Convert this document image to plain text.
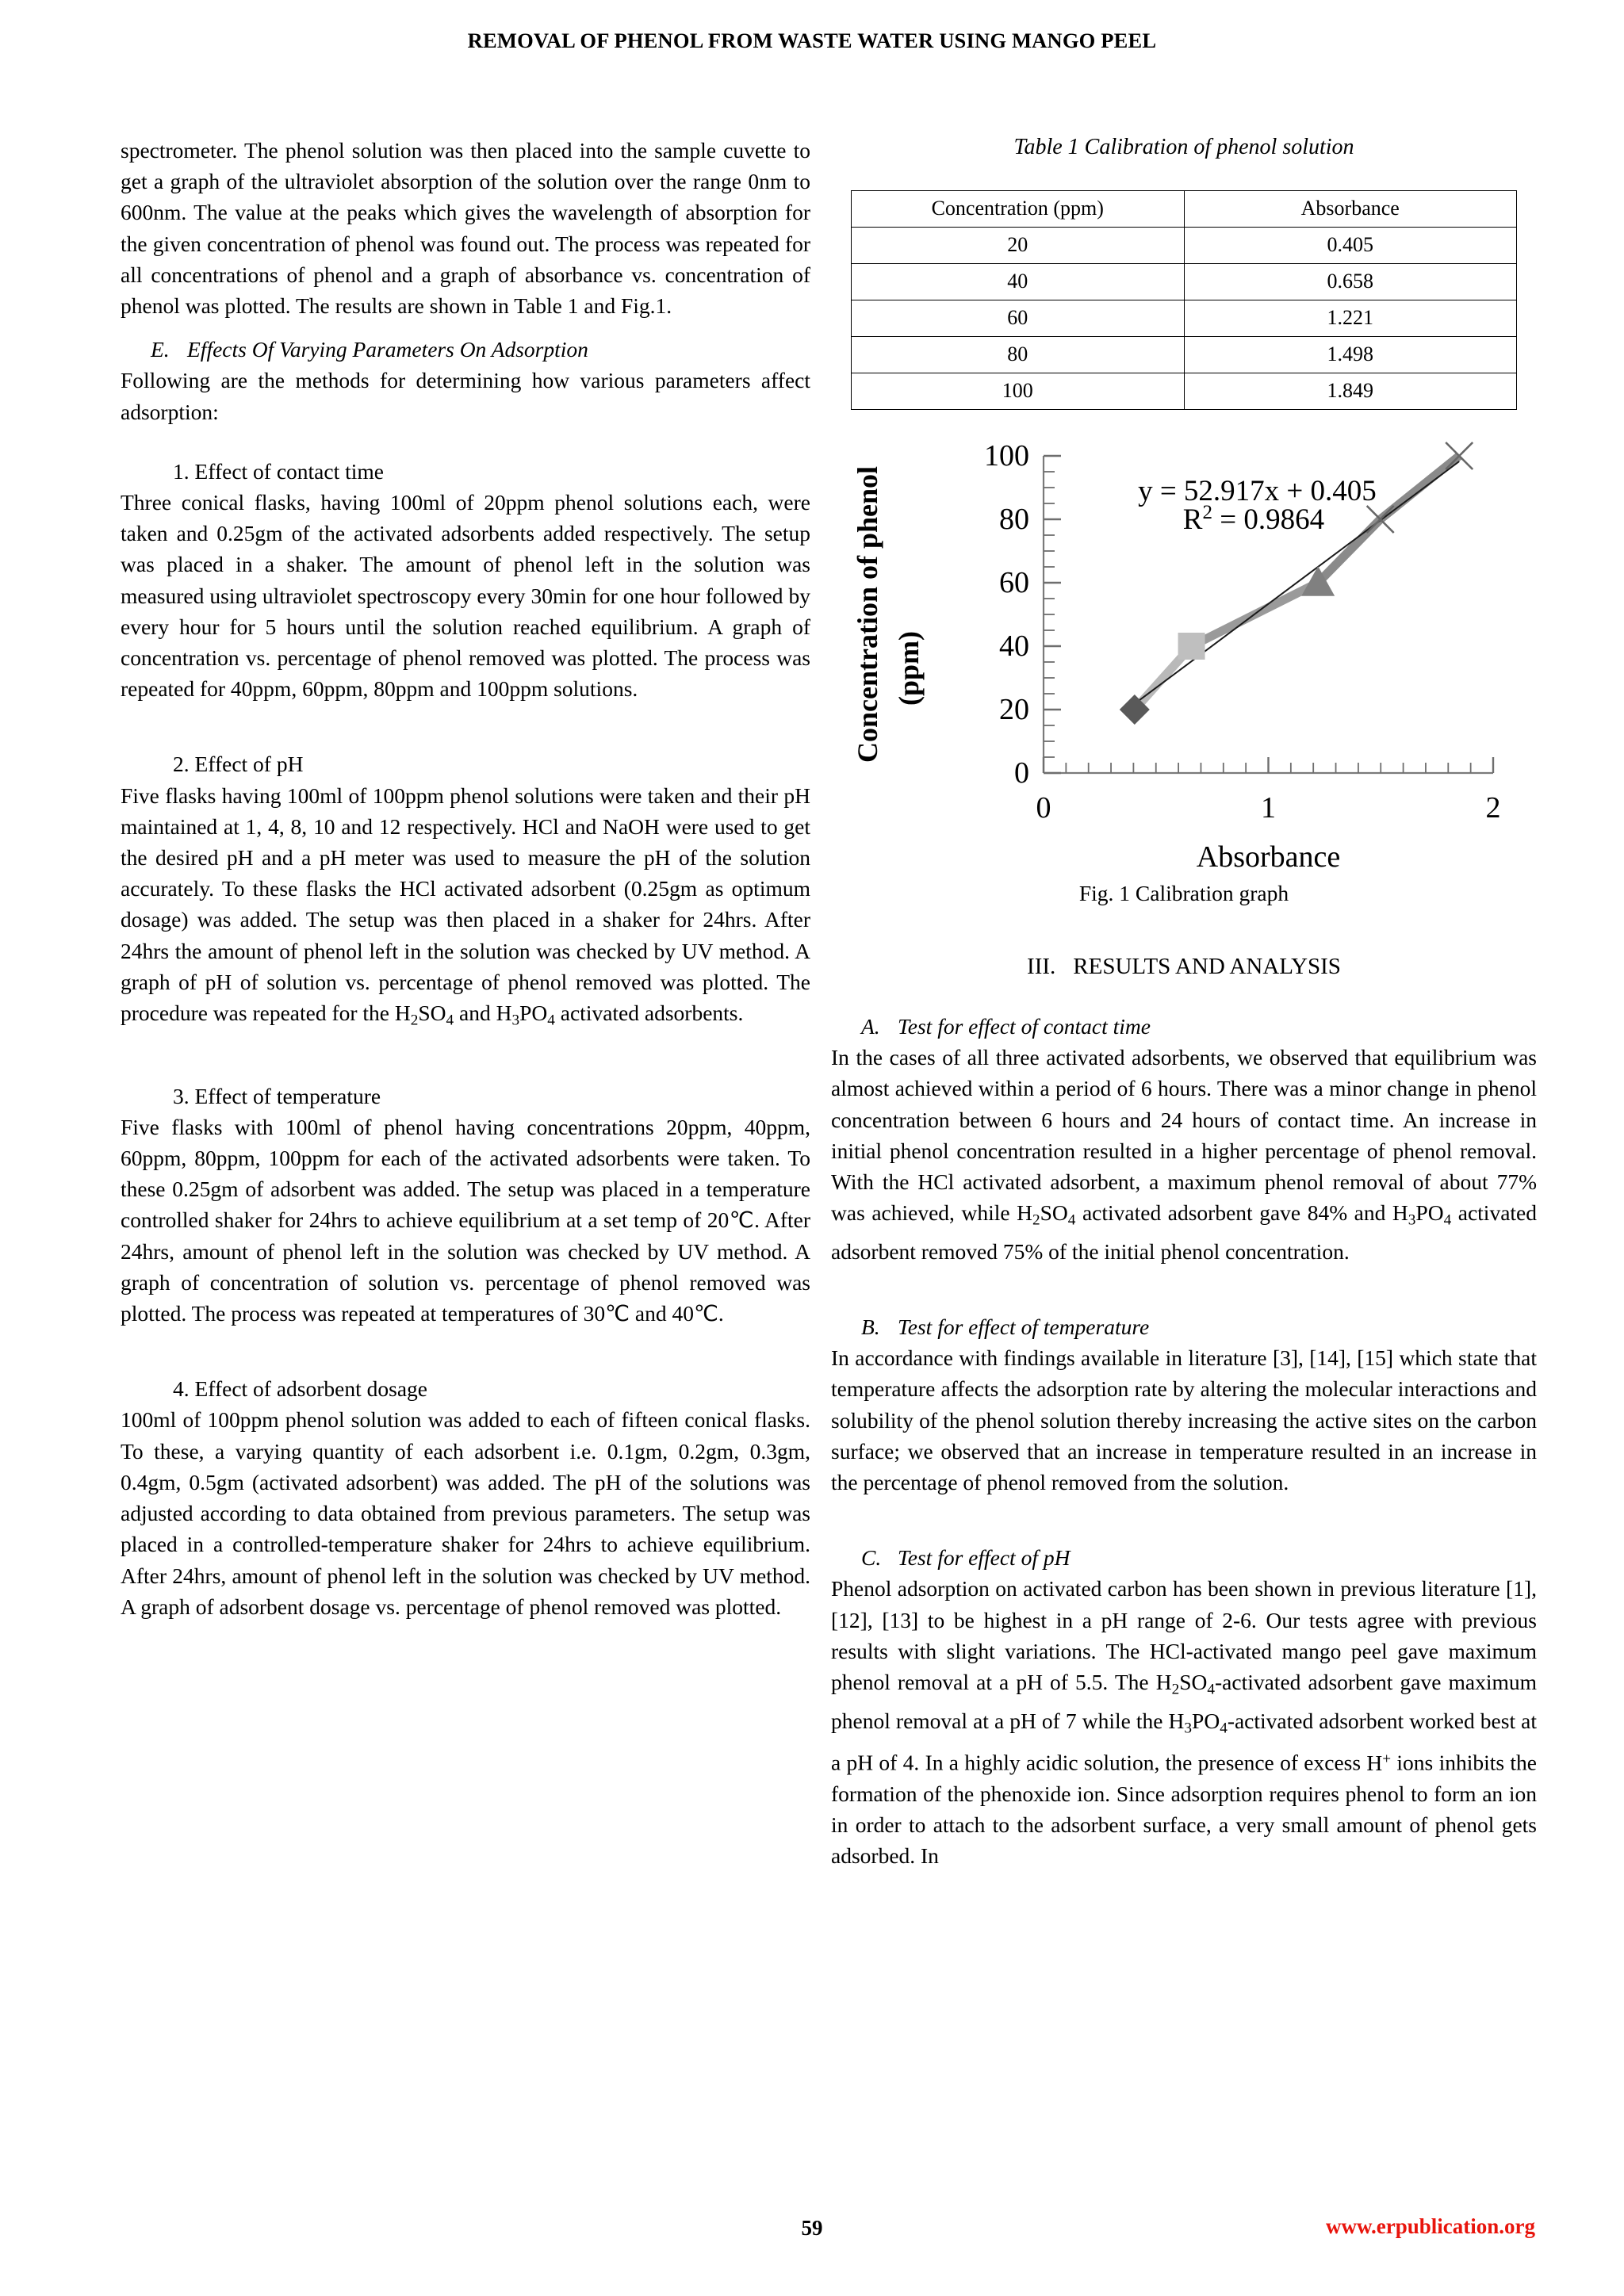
REMOVAL OF PHENOL FROM WASTE WATER USING MANGO PEEL

spectrometer. The phenol solution was then placed into the sample cuvette to get a graph of the ultraviolet absorption of the solution over the range 0nm to 600nm. The value at the peaks which gives the wavelength of absorption for the given concentration of phenol was found out. The process was repeated for all concentrations of phenol and a graph of absorbance vs. concentration of phenol was plotted. The results are shown in Table 1 and Fig.1.

E. Effects Of Varying Parameters On Adsorption

Following are the methods for determining how various parameters affect adsorption:

1. Effect of contact time

Three conical flasks, having 100ml of 20ppm phenol solutions each, were taken and 0.25gm of the activated adsorbents added respectively. The setup was placed in a shaker. The amount of phenol left in the solution was measured using ultraviolet spectroscopy every 30min for one hour followed by every hour for 5 hours until the solution reached equilibrium. A graph of concentration vs. percentage of phenol removed was plotted. The process was repeated for 40ppm, 60ppm, 80ppm and 100ppm solutions.

2. Effect of pH

Five flasks having 100ml of 100ppm phenol solutions were taken and their pH maintained at 1, 4, 8, 10 and 12 respectively. HCl and NaOH were used to get the desired pH and a pH meter was used to measure the pH of the solution accurately. To these flasks the HCl activated adsorbent (0.25gm as optimum dosage) was added. The setup was then placed in a shaker for 24hrs. After 24hrs the amount of phenol left in the solution was checked by UV method. A graph of pH of solution vs. percentage of phenol removed was plotted. The procedure was repeated for the $H_2SO_4$ and $H_3PO_4$ activated adsorbents.

3. Effect of temperature

Five flasks with 100ml of phenol having concentrations 20ppm, 40ppm, 60ppm, 80ppm, 100ppm for each of the activated adsorbents were taken. To these 0.25gm of adsorbent was added. The setup was placed in a temperature controlled shaker for 24hrs to achieve equilibrium at a set temp of 20℃. After 24hrs, amount of phenol left in the solution was checked by UV method. A graph of concentration of solution vs. percentage of phenol removed was plotted. The process was repeated at temperatures of 30℃ and 40℃.

4. Effect of adsorbent dosage

100ml of 100ppm phenol solution was added to each of fifteen conical flasks. To these, a varying quantity of each adsorbent i.e. 0.1gm, 0.2gm, 0.3gm, 0.4gm, 0.5gm (activated adsorbent) was added. The pH of the solutions was adjusted according to data obtained from previous parameters. The setup was placed in a controlled-temperature shaker for 24hrs to achieve equilibrium. After 24hrs, amount of phenol left in the solution was checked by UV method. A graph of adsorbent dosage vs. percentage of phenol removed was plotted.

Table 1 Calibration of phenol solution
Concentration (ppm)	Absorbance
20	0.405
40	0.658
60	1.221
80	1.498
100	1.849
0
20
40
60
80
100
0	1	2
y = 52.917x + 0.405
$R^2 = 0.9864$
Concentration of phenol (ppm)
Absorbance
Fig. 1 Calibration graph
III. RESULTS AND ANALYSIS
A. Test for effect of contact time

In the cases of all three activated adsorbents, we observed that equilibrium was almost achieved within a period of 6 hours. There was a minor change in phenol concentration between 6 hours and 24 hours of contact time. An increase in initial phenol concentration resulted in a higher percentage of phenol removal. With the HCl activated adsorbent, a maximum phenol removal of about 77% was achieved, while $H_2SO_4$ activated adsorbent gave 84% and $H_3PO_4$ activated adsorbent removed 75% of the initial phenol concentration.

B. Test for effect of temperature

In accordance with findings available in literature [3], [14], [15] which state that temperature affects the adsorption rate by altering the molecular interactions and solubility of the phenol solution thereby increasing the active sites on the carbon surface; we observed that an increase in temperature resulted in an increase in the percentage of phenol removed from the solution.

C. Test for effect of pH

Phenol adsorption on activated carbon has been shown in previous literature [1], [12], [13] to be highest in a pH range of 2-6. Our tests agree with previous results with slight variations. The HCl-activated mango peel gave maximum phenol removal at a pH of 5.5. The $H_2SO_4$-activated adsorbent gave maximum phenol removal at a pH of 7 while the $H_3PO_4$-activated adsorbent worked best at a pH of 4. In a highly acidic solution, the presence of excess H+ ions inhibits the formation of the phenoxide ion. Since adsorption requires phenol to form an ion in order to attach to the adsorbent surface, a very small amount of phenol gets adsorbed. In

59	www.erpublication.org
